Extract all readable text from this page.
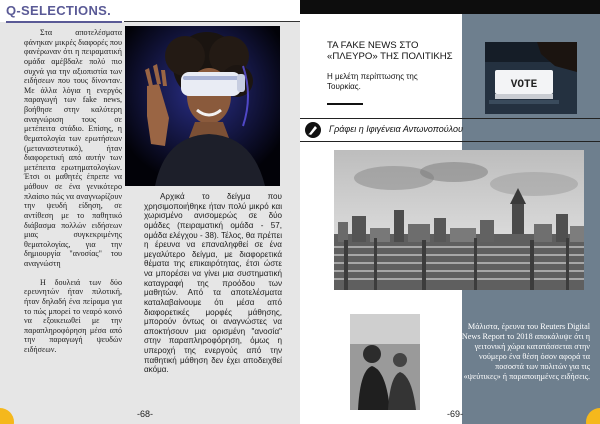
Q-SELECTIONS.

Στα αποτελέσματα φάνηκαν μικρές διαφορές που φανέρωναν ότι η πειραματική ομάδα αμέβδαλε πολύ πιο συχνά για την αξιοπιστία των ειδήσεων που τους δίνονταν. Με άλλα λόγια η ενεργός παραγωγή των fake news, βοήθησε στην καλύτερη αναγνώριση τους σε μετέπειτα στάδιο. Επίσης, η θεματολογία των ερωτήσεων (μεταναστευτικό), ήταν διαφορετική από αυτήν των μετέπειτα ερωτηματολογίων. Έτσι οι μαθητές έπρεπε να μάθουν σε ένα γενικότερο πλαίσιο πώς να αναγνωρίζουν την ψευδή είδηση, σε αντίθεση με το παθητικό διάβασμα πολλών ειδήσεων μιας συγκεκριμένης θεματολογίας, για την δημιουργία "ανοσίας" του αναγνώστη

Η δουλειά των δύο ερευνητών ήταν πιλοτική, ήταν δηλαδή ένα πείραμα για το πώς μπορεί το νεαρό κοινό να εξοικειωθεί με την παραπληροφόρηση μέσα από την παραγωγή ψευδών ειδήσεων.

Αρχικά το δείγμα που χρησιμοποιήθηκε ήταν πολύ μικρό και χωρισμένο ανισομερώς σε δύο ομάδες (πειραματική ομάδα - 57, ομάδα ελέγχου - 38). Τέλος, θα πρέπει η έρευνα να επαναληφθεί σε ένα μεγαλύτερο δείγμα, με διαφορετικά θέματα της επικαιρότητας, έτσι ώστε να μπορέσει να γίνει μια συστηματική καταγραφή της προόδου των μαθητών. Από τα αποτελέσματα καταλαβαίνουμε ότι μέσα από διαφορετικές μορφές μάθησης, μπορούν όντως οι αναγνώστες να αποκτήσουν μια ορισμένη "ανοσία" στην παραπληροφόρηση, όμως η υπεροχή της ενεργούς από την παθητική μάθηση δεν έχει αποδειχθεί ακόμα.

-68-
ΤΑ FAKE NEWS ΣΤΟ
«ΠΛΕΥΡΟ» ΤΗΣ ΠΟΛΙΤΙΚΗΣ
Η μελέτη περίπτωσης της Τουρκίας.	VOTE
Γράφει η Ιφιγένεια Αντωνοπούλου
Μάλιστα, έρευνα του Reuters Digital News Report το 2018 αποκάλυψε ότι η γειτονική χώρα κατατάσσεται στην νούμερο ένα θέση όσον αφορά τα ποσοστά των πολιτών για τις «ψεύτικες» ή παραποιημένες ειδήσεις.
-69-
